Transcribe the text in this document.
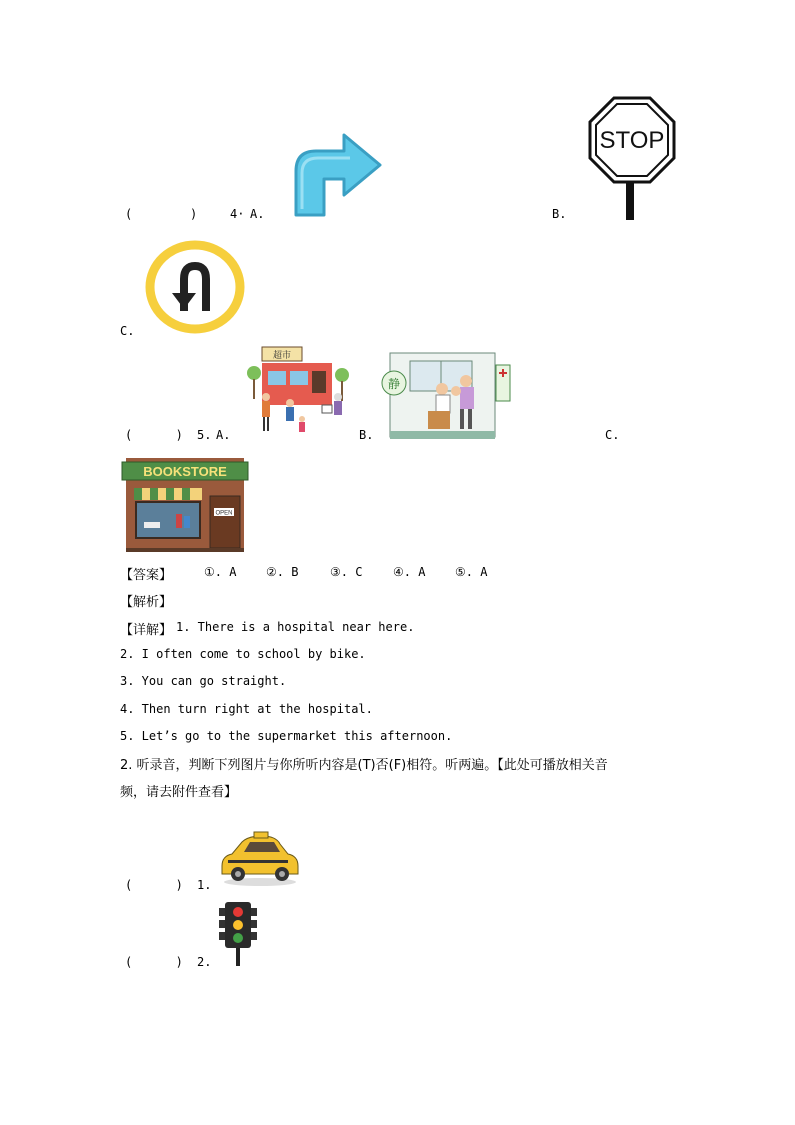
(        )	4· A.	B.
STOP
C.
(      ) 5. A.
超市
B.
静
C.
BOOKSTORE
OPEN
【答案】	①. A ②. B	③. C	④. A ⑤. A
【解析】
【详解】 1. There is a hospital near here.
2. I often come to school by bike.
3. You can go straight.
4. Then turn right at the hospital.
5. Let’s go to the supermarket this afternoon.
2. 听录音，判断下列图片与你所听内容是(T)否(F)相符。听两遍。【此处可播放相关音
频，请去附件查看】
(      ) 1.
(      ) 2.
